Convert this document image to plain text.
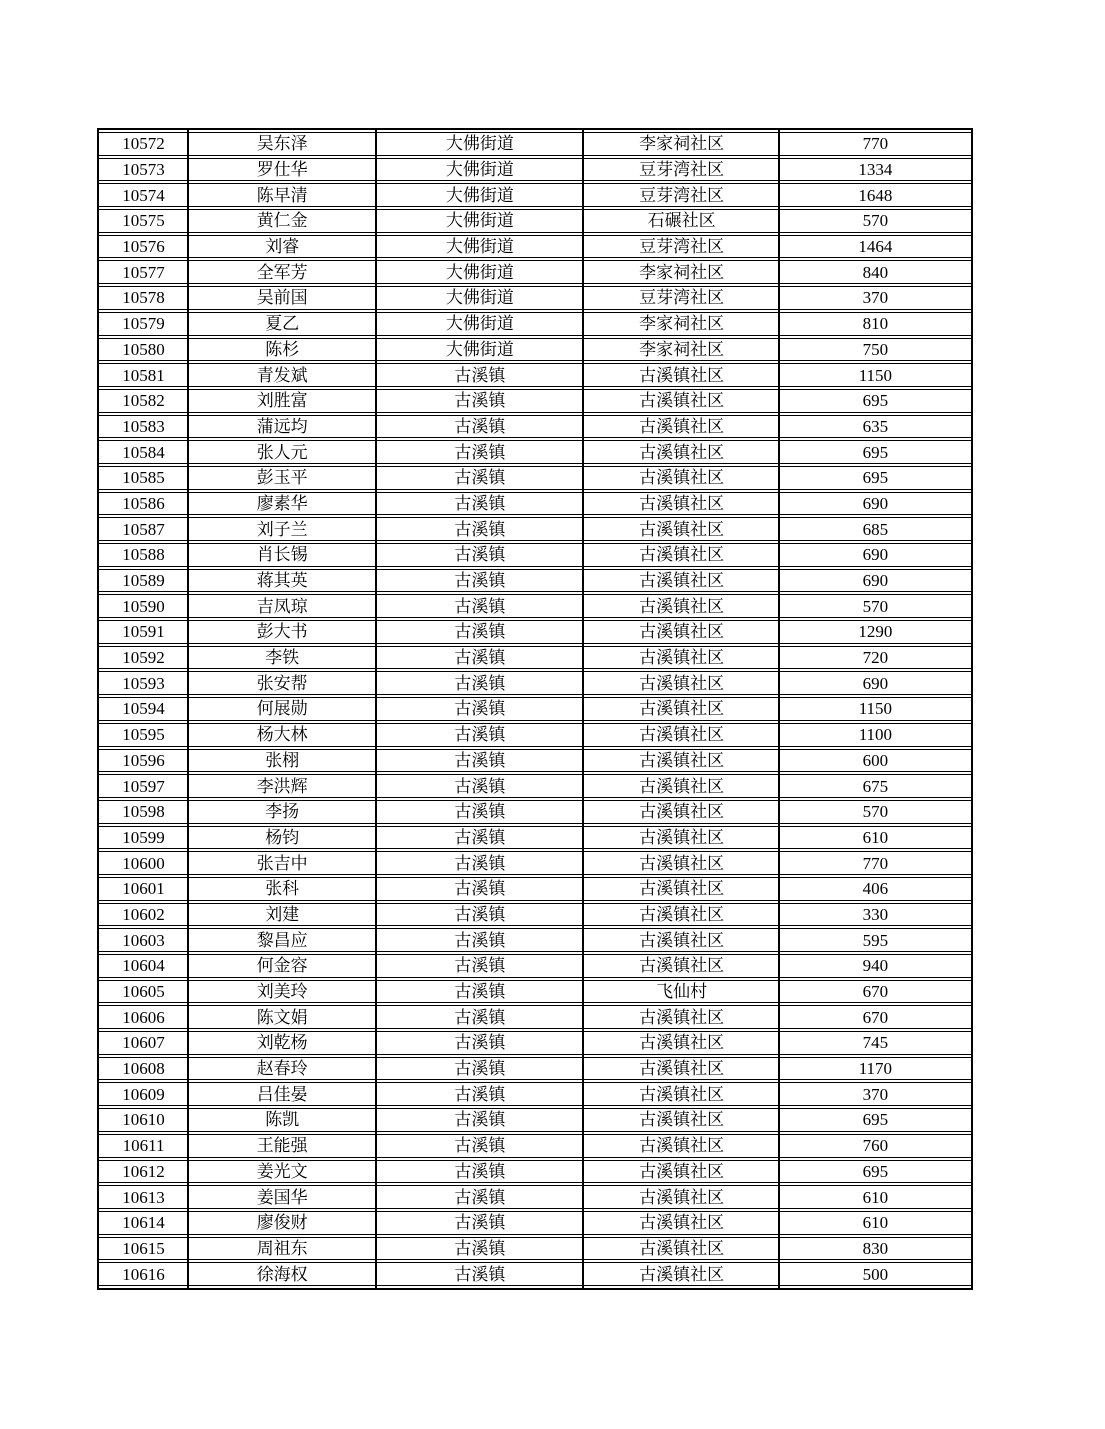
10572	吴东泽	大佛街道	李家祠社区	770
10573	罗仕华	大佛街道	豆芽湾社区	1334
10574	陈早清	大佛街道	豆芽湾社区	1648
10575	黄仁金	大佛街道	石碾社区	570
10576	刘睿	大佛街道	豆芽湾社区	1464
10577	全军芳	大佛街道	李家祠社区	840
10578	吴前国	大佛街道	豆芽湾社区	370
10579	夏乙	大佛街道	李家祠社区	810
10580	陈杉	大佛街道	李家祠社区	750
10581	青发斌	古溪镇	古溪镇社区	1150
10582	刘胜富	古溪镇	古溪镇社区	695
10583	蒲远均	古溪镇	古溪镇社区	635
10584	张人元	古溪镇	古溪镇社区	695
10585	彭玉平	古溪镇	古溪镇社区	695
10586	廖素华	古溪镇	古溪镇社区	690
10587	刘子兰	古溪镇	古溪镇社区	685
10588	肖长锡	古溪镇	古溪镇社区	690
10589	蒋其英	古溪镇	古溪镇社区	690
10590	吉凤琼	古溪镇	古溪镇社区	570
10591	彭大书	古溪镇	古溪镇社区	1290
10592	李铁	古溪镇	古溪镇社区	720
10593	张安帮	古溪镇	古溪镇社区	690
10594	何展勋	古溪镇	古溪镇社区	1150
10595	杨大林	古溪镇	古溪镇社区	1100
10596	张栩	古溪镇	古溪镇社区	600
10597	李洪辉	古溪镇	古溪镇社区	675
10598	李扬	古溪镇	古溪镇社区	570
10599	杨钧	古溪镇	古溪镇社区	610
10600	张吉中	古溪镇	古溪镇社区	770
10601	张科	古溪镇	古溪镇社区	406
10602	刘建	古溪镇	古溪镇社区	330
10603	黎昌应	古溪镇	古溪镇社区	595
10604	何金容	古溪镇	古溪镇社区	940
10605	刘美玲	古溪镇	飞仙村	670
10606	陈文娟	古溪镇	古溪镇社区	670
10607	刘乾杨	古溪镇	古溪镇社区	745
10608	赵春玲	古溪镇	古溪镇社区	1170
10609	吕佳晏	古溪镇	古溪镇社区	370
10610	陈凯	古溪镇	古溪镇社区	695
10611	王能强	古溪镇	古溪镇社区	760
10612	姜光文	古溪镇	古溪镇社区	695
10613	姜国华	古溪镇	古溪镇社区	610
10614	廖俊财	古溪镇	古溪镇社区	610
10615	周祖东	古溪镇	古溪镇社区	830
10616	徐海权	古溪镇	古溪镇社区	500
